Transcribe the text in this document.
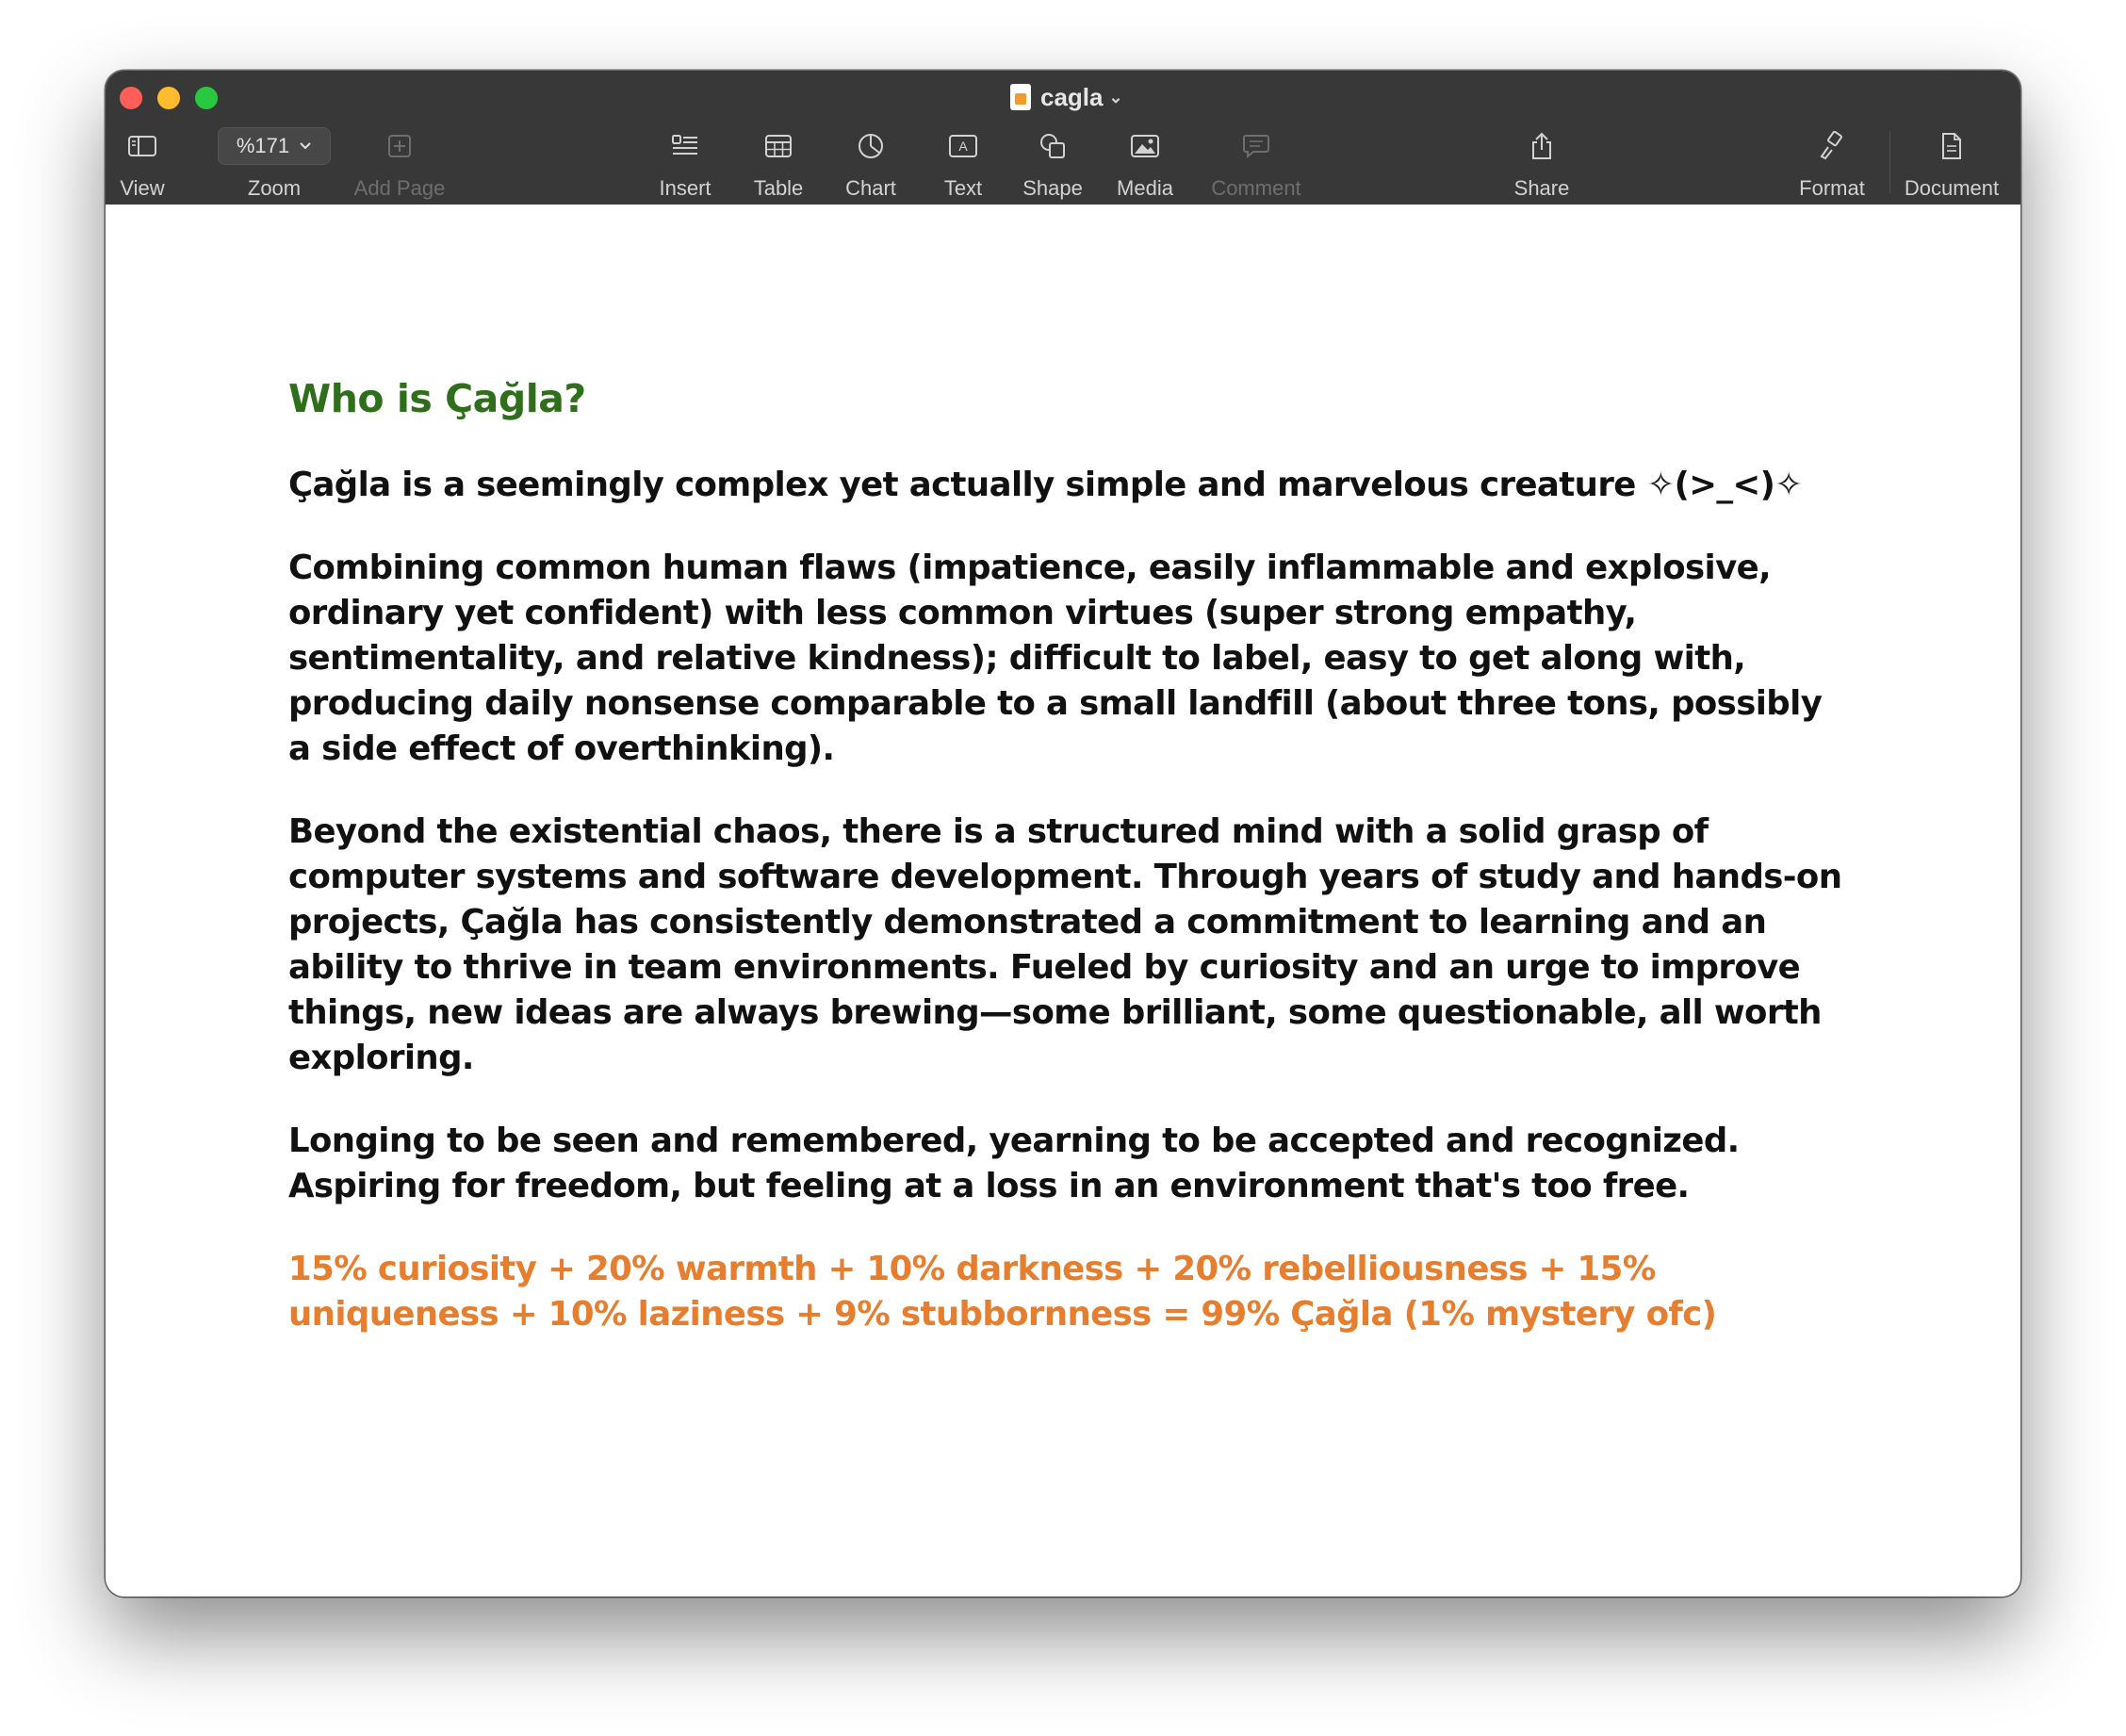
cagla ⌄
View
%171
Zoom	Add Page	Insert Table Chart
A
Text Shape Media Comment	Share	Format Document
Who is Çağla?

Çağla is a seemingly complex yet actually simple and marvelous creature ✧(>_<)✧

Combining common human flaws (impatience, easily inflammable and explosive, ordinary yet confident) with less common virtues (super strong empathy, sentimentality, and relative kindness); difficult to label, easy to get along with, producing daily nonsense comparable to a small landfill (about three tons, possibly a side effect of overthinking).

Beyond the existential chaos, there is a structured mind with a solid grasp of computer systems and software development. Through years of study and hands-on projects, Çağla has consistently demonstrated a commitment to learning and an ability to thrive in team environments. Fueled by curiosity and an urge to improve things, new ideas are always brewing—some brilliant, some questionable, all worth exploring.

Longing to be seen and remembered, yearning to be accepted and recognized. Aspiring for freedom, but feeling at a loss in an environment that's too free.

15% curiosity + 20% warmth + 10% darkness + 20% rebelliousness + 15% uniqueness + 10% laziness + 9% stubbornness = 99% Çağla (1% mystery ofc)
